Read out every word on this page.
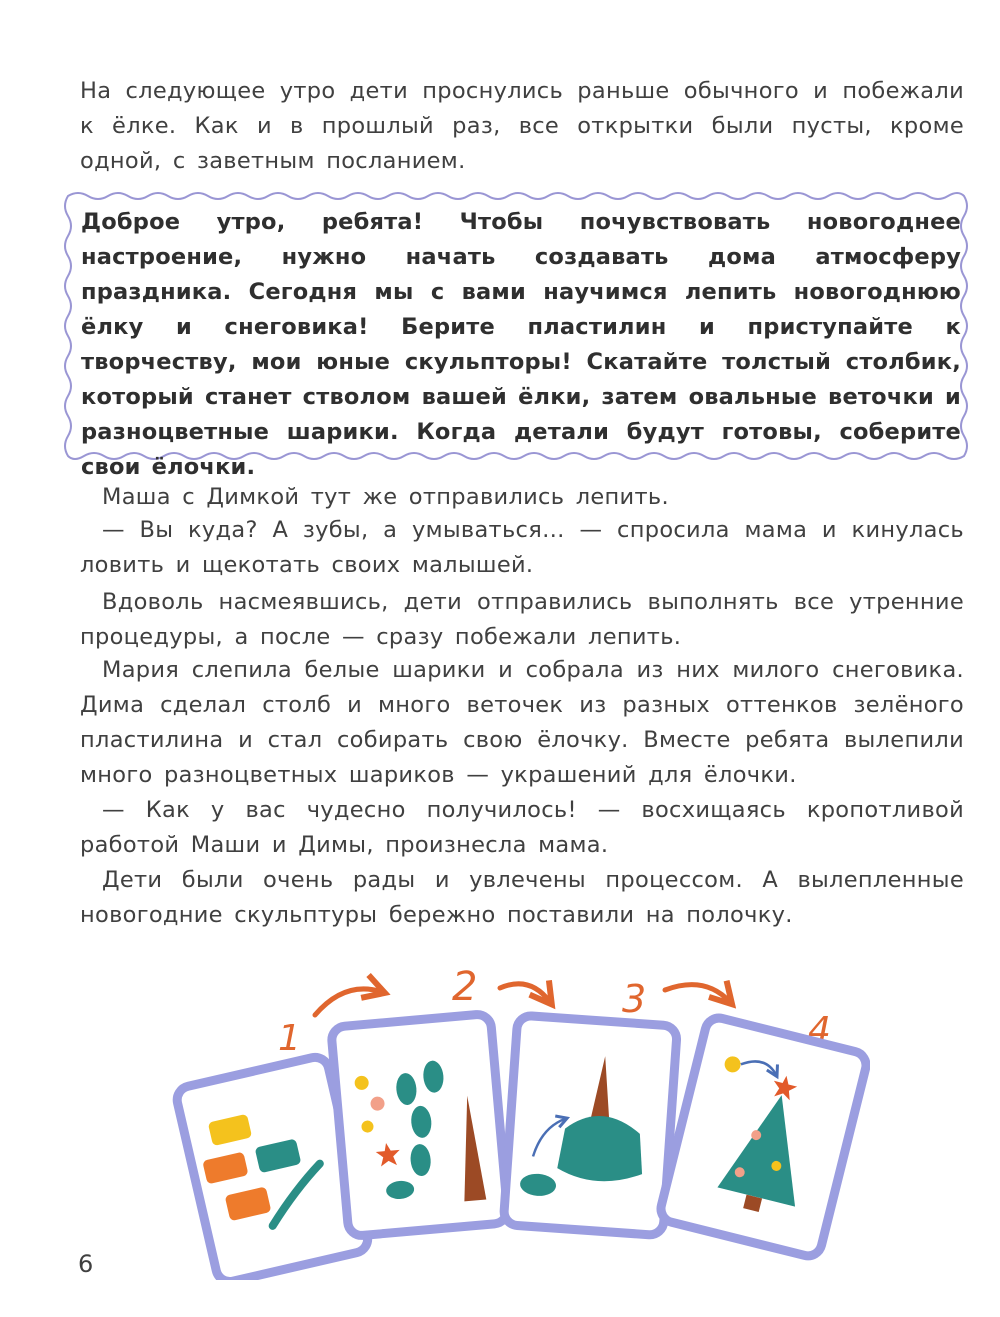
На следующее утро дети проснулись раньше обычного и побежали к ёлке. Как и в прошлый раз, все открытки были пусты, кроме одной, с заветным посланием.

Доброе утро, ребята! Чтобы почувствовать новогоднее настроение, нужно начать создавать дома атмосферу праздника. Сегодня мы с вами научимся лепить новогоднюю ёлку и снеговика! Берите пластилин и приступайте к творчеству, мои юные скульпторы! Скатайте толстый столбик, который станет стволом вашей ёлки, затем овальные веточки и разноцветные шарики. Когда детали будут готовы, соберите свои ёлочки.

Маша с Димкой тут же отправились лепить.

— Вы куда? А зубы, а умываться… — спросила мама и кинулась ловить и щекотать своих малышей.

Вдоволь насмеявшись, дети отправились выполнять все утренние процедуры, а после — сразу побежали лепить.

Мария слепила белые шарики и собрала из них милого снеговика. Дима сделал столб и много веточек из разных оттенков зелёного пластилина и стал собирать свою ёлочку. Вместе ребята вылепили много разноцветных шариков — украшений для ёлочки.

— Как у вас чудесно получилось! — восхищаясь кропотливой работой Маши и Димы, произнесла мама.

Дети были очень рады и увлечены процессом. А вылепленные новогодние скульптуры бережно поставили на полочку.

1
2	3
4
6
